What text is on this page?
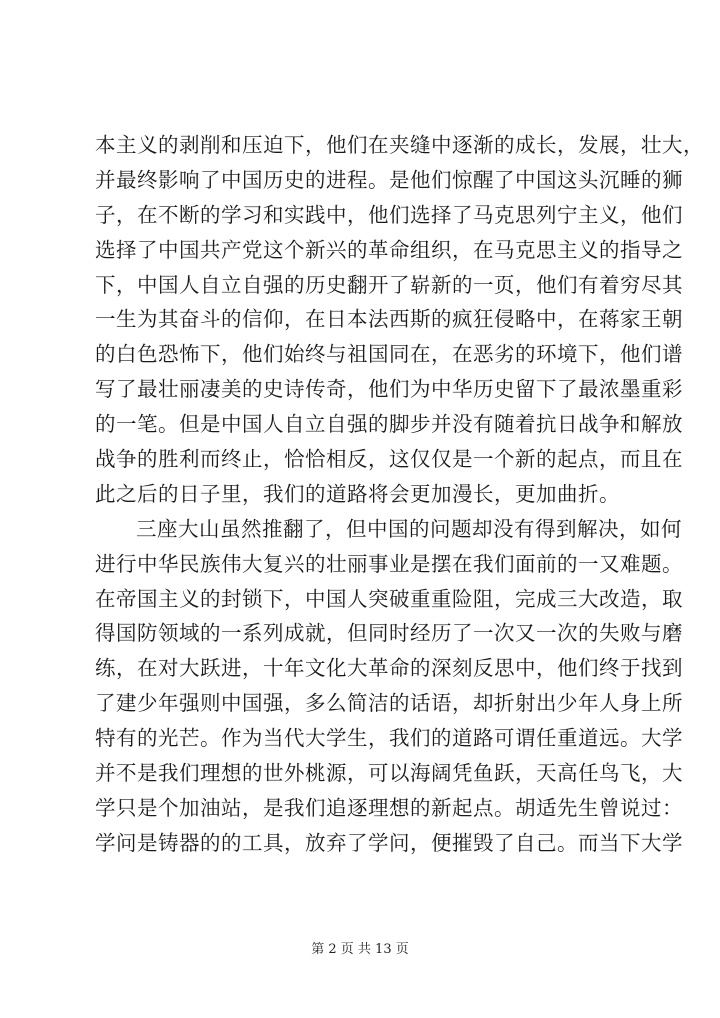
本主义的剥削和压迫下，他们在夹缝中逐渐的成长，发展，壮大，
并最终影响了中国历史的进程。是他们惊醒了中国这头沉睡的狮
子，在不断的学习和实践中，他们选择了马克思列宁主义，他们
选择了中国共产党这个新兴的革命组织，在马克思主义的指导之
下，中国人自立自强的历史翻开了崭新的一页，他们有着穷尽其
一生为其奋斗的信仰，在日本法西斯的疯狂侵略中，在蒋家王朝
的白色恐怖下，他们始终与祖国同在，在恶劣的环境下，他们谱
写了最壮丽凄美的史诗传奇，他们为中华历史留下了最浓墨重彩
的一笔。但是中国人自立自强的脚步并没有随着抗日战争和解放
战争的胜利而终止，恰恰相反，这仅仅是一个新的起点，而且在
此之后的日子里，我们的道路将会更加漫长，更加曲折。
三座大山虽然推翻了，但中国的问题却没有得到解决，如何
进行中华民族伟大复兴的壮丽事业是摆在我们面前的一又难题。
在帝国主义的封锁下，中国人突破重重险阻，完成三大改造，取
得国防领域的一系列成就，但同时经历了一次又一次的失败与磨
练，在对大跃进，十年文化大革命的深刻反思中，他们终于找到
了建少年强则中国强，多么简洁的话语，却折射出少年人身上所
特有的光芒。作为当代大学生，我们的道路可谓任重道远。大学
并不是我们理想的世外桃源，可以海阔凭鱼跃，天高任鸟飞，大
学只是个加油站，是我们追逐理想的新起点。胡适先生曾说过：
学问是铸器的的工具，放弃了学问，便摧毁了自己。而当下大学
第 2 页 共 13 页
